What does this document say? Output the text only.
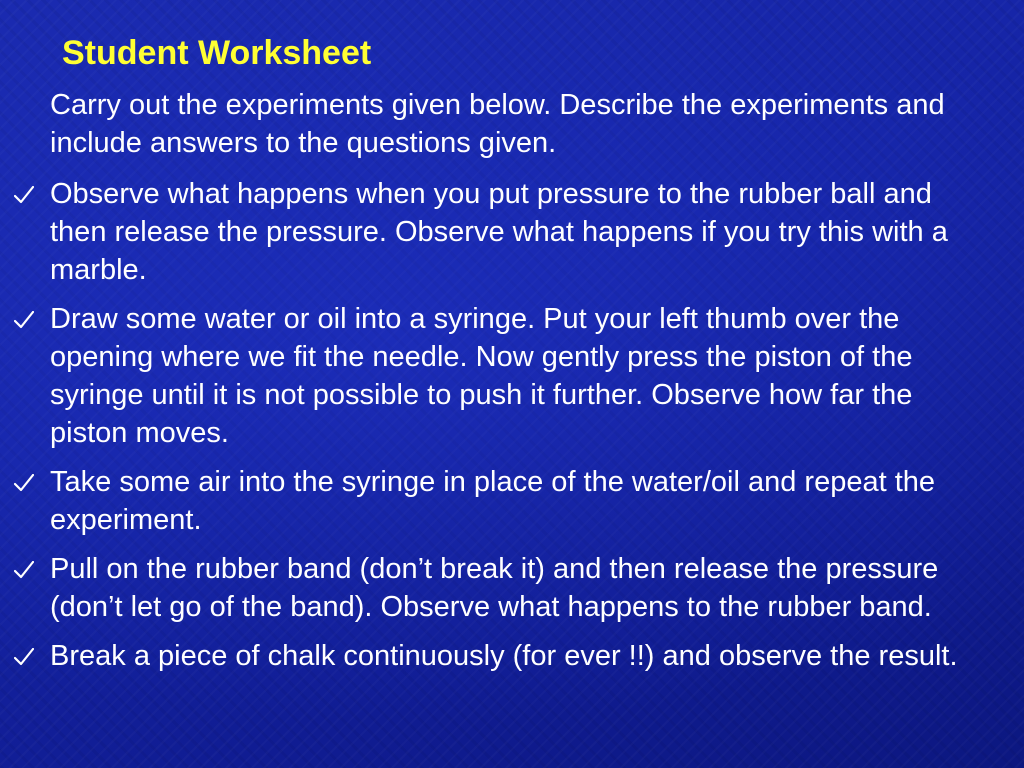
Student Worksheet
Carry out the experiments given below. Describe the experiments and include answers to the questions given.
Observe what happens when you put pressure to the rubber ball and then release the pressure. Observe what happens if you try this with a marble.
Draw some water or oil into a syringe. Put your left thumb over the opening where we fit the needle. Now gently press the piston of the syringe until it is not possible to push it further. Observe how far the piston moves.
Take some air into the syringe in place of the water/oil and repeat the experiment.
Pull on the rubber band (don’t break it) and then release the pressure (don’t let go of the band). Observe what happens to the rubber band.
Break a piece of chalk continuously (for ever !!) and observe the result.
